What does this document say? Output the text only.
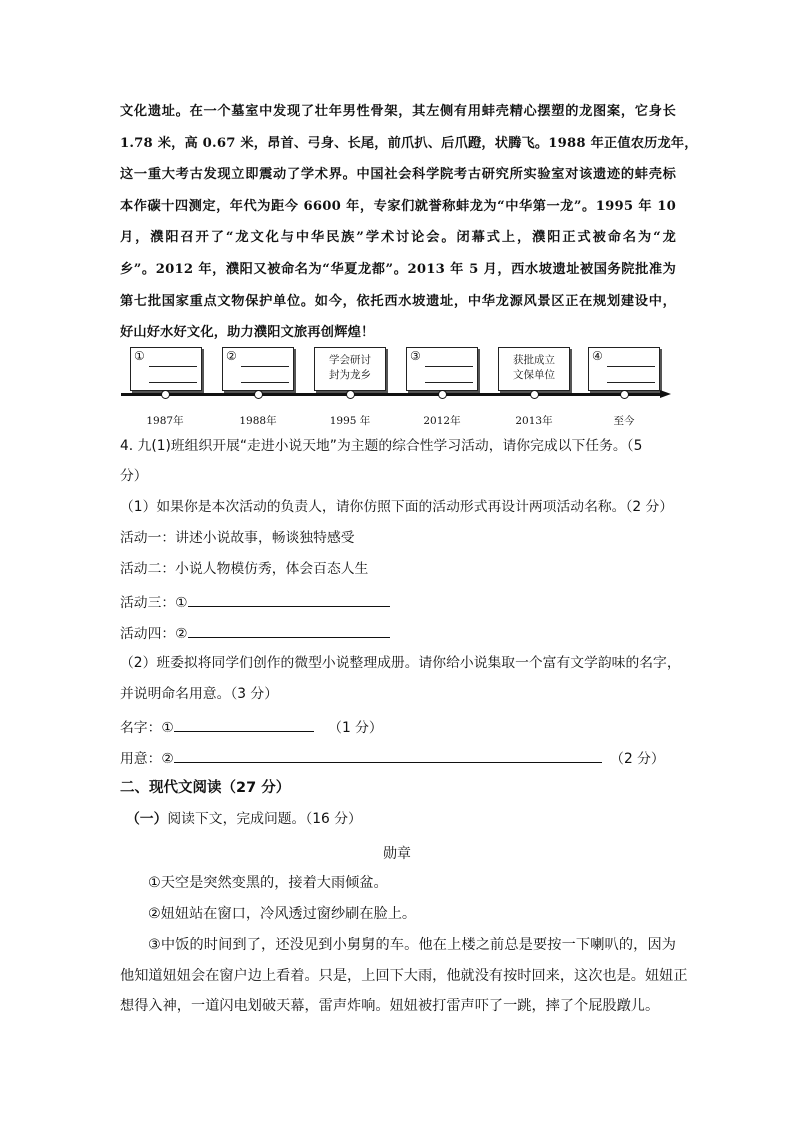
文化遗址。在一个墓室中发现了壮年男性骨架，其左侧有用蚌壳精心摆塑的龙图案，它身长
1.78 米，高 0.67 米，昂首、弓身、长尾，前爪扒、后爪蹬，状腾飞。1988 年正值农历龙年，
这一重大考古发现立即震动了学术界。中国社会科学院考古研究所实验室对该遗迹的蚌壳标
本作碳十四测定，年代为距今 6600 年，专家们就誉称蚌龙为“中华第一龙”。1995 年 10
月，濮阳召开了“龙文化与中华民族”学术讨论会。闭幕式上，濮阳正式被命名为“龙
乡”。2012 年，濮阳又被命名为“华夏龙都”。2013 年 5 月，西水坡遗址被国务院批准为
第七批国家重点文物保护单位。如今，依托西水坡遗址，中华龙源风景区正在规划建设中，
好山好水好文化，助力濮阳文旅再创辉煌！
①	②	学会研讨
封为龙乡
③	获批成立
文保单位
④
1987年	1988年	1995 年	2012年	2013年	至今
4. 九(1)班组织开展“走进小说天地”为主题的综合性学习活动，请你完成以下任务。（5
分）
（1）如果你是本次活动的负责人，请你仿照下面的活动形式再设计两项活动名称。（2 分）
活动一：讲述小说故事，畅谈独特感受
活动二：小说人物模仿秀，体会百态人生
活动三：①
活动四：②
（2）班委拟将同学们创作的微型小说整理成册。请你给小说集取一个富有文学韵味的名字，
并说明命名用意。（3 分）
名字：①	（1 分）
用意：②	（2 分）
二、现代文阅读（27 分）
（一）阅读下文，完成问题。（16 分）
勋章
①天空是突然变黑的，接着大雨倾盆。
②妞妞站在窗口，冷风透过窗纱刷在脸上。
③中饭的时间到了，还没见到小舅舅的车。他在上楼之前总是要按一下喇叭的，因为
他知道妞妞会在窗户边上看着。只是，上回下大雨，他就没有按时回来，这次也是。妞妞正
想得入神，一道闪电划破天幕，雷声炸响。妞妞被打雷声吓了一跳，摔了个屁股蹾儿。
